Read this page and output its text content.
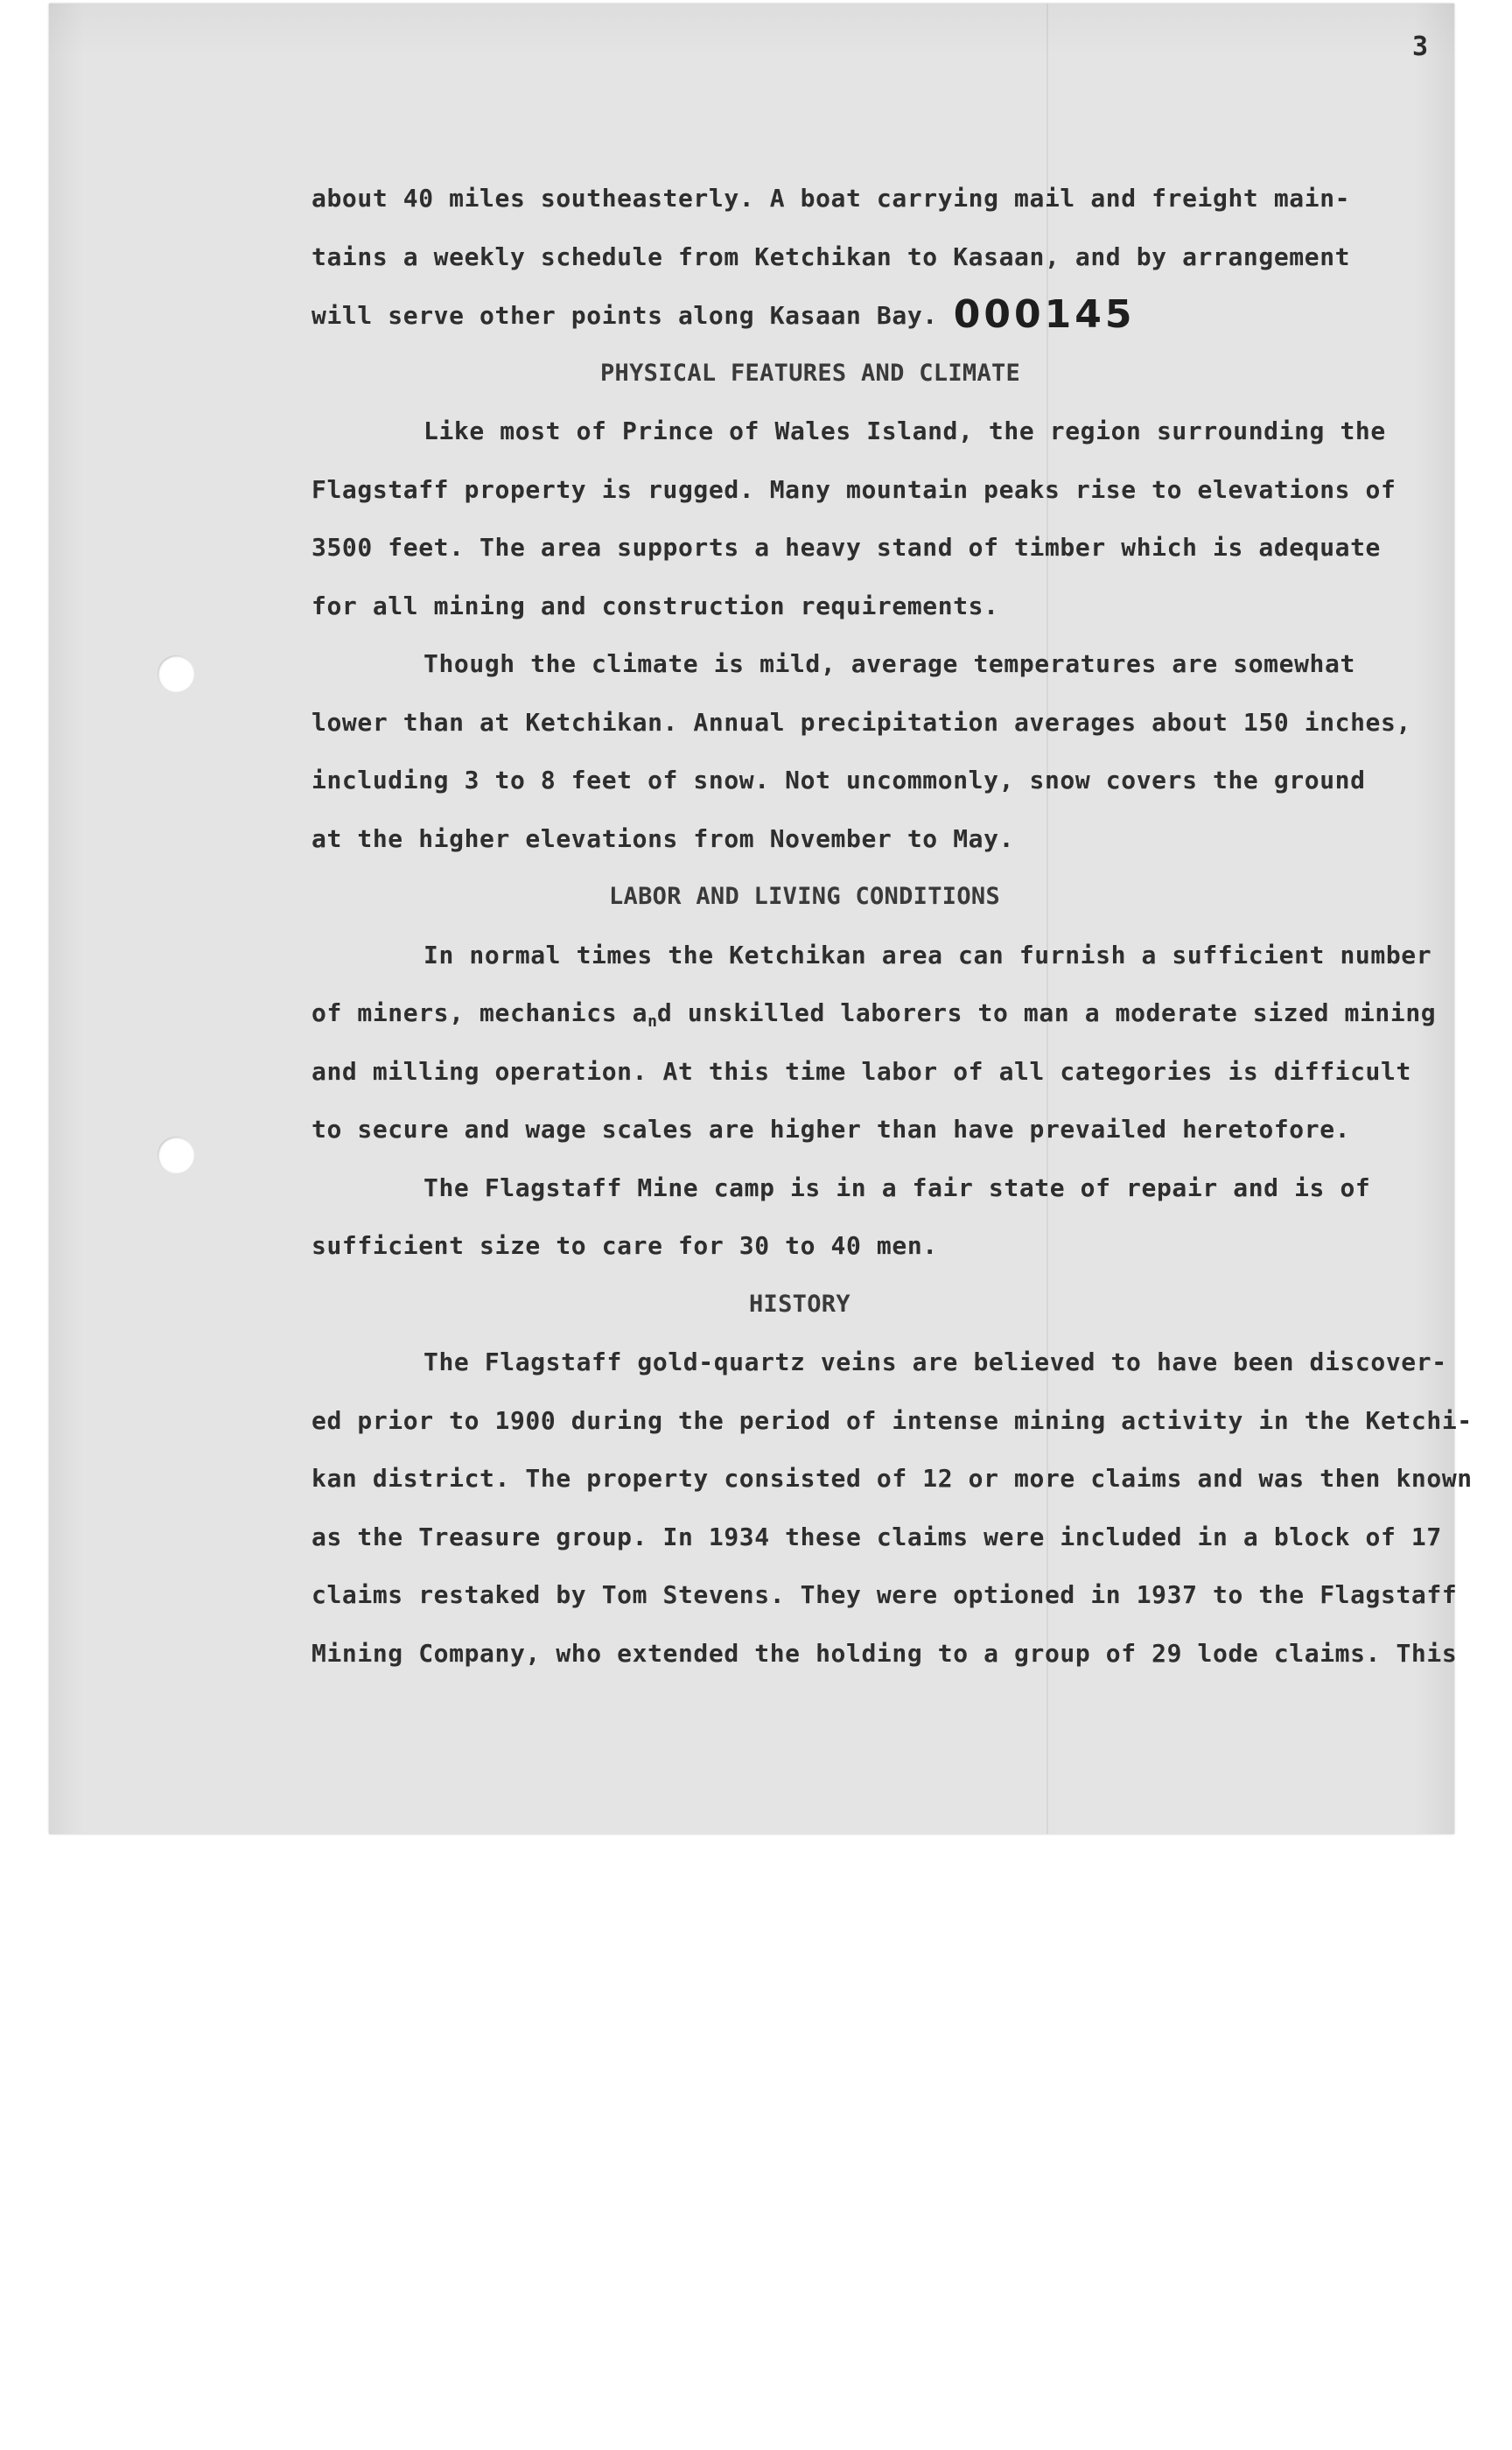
3
about 40 miles southeasterly. A boat carrying mail and freight main-
tains a weekly schedule from Ketchikan to Kasaan, and by arrangement
will serve other points along Kasaan Bay. 000145
PHYSICAL FEATURES AND CLIMATE
Like most of Prince of Wales Island, the region surrounding the
Flagstaff property is rugged. Many mountain peaks rise to elevations of
3500 feet. The area supports a heavy stand of timber which is adequate
for all mining and construction requirements.
Though the climate is mild, average temperatures are somewhat
lower than at Ketchikan. Annual precipitation averages about 150 inches,
including 3 to 8 feet of snow. Not uncommonly, snow covers the ground
at the higher elevations from November to May.
LABOR AND LIVING CONDITIONS
In normal times the Ketchikan area can furnish a sufficient number
of miners, mechanics $a_nd$ unskilled laborers to man a moderate sized mining
and milling operation. At this time labor of all categories is difficult
to secure and wage scales are higher than have prevailed heretofore.
The Flagstaff Mine camp is in a fair state of repair and is of
sufficient size to care for 30 to 40 men.
HISTORY
The Flagstaff gold-quartz veins are believed to have been discover-
ed prior to 1900 during the period of intense mining activity in the Ketchi-
kan district. The property consisted of 12 or more claims and was then known
as the Treasure group. In 1934 these claims were included in a block of 17
claims restaked by Tom Stevens. They were optioned in 1937 to the Flagstaff
Mining Company, who extended the holding to a group of 29 lode claims. This
